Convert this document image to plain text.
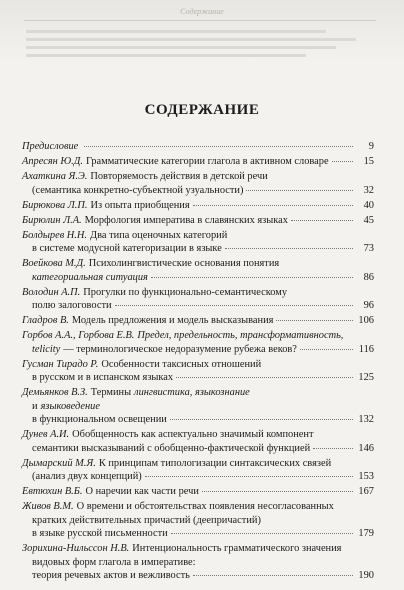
Содержание
СОДЕРЖАНИЕ
Предисловие	9
Апресян Ю.Д. Грамматические категории глагола в активном словаре	15
Ахаткина Я.Э. Повторяемость действия в детской речи
(семантика конкретно-субъектной узуальности)	32
Бирюкова Л.П. Из опыта приобщения	40
Бирюлин Л.А. Морфология императива в славянских языках	45
Болдырев Н.Н. Два типа оценочных категорий
в системе модусной категоризации в языке	73
Воейкова М.Д. Психолингвистические основания понятия
категориальная ситуация	86
Володин А.П. Прогулки по функционально-семантическому
полю залоговости	96
Гладров В. Модель предложения и модель высказывания	106
Горбов А.А., Горбова Е.В. Предел, предельность, трансформативность,
telicity — терминологическое недоразумение рубежа веков?	116
Гусман Тирадо Р. Особенности таксисных отношений
в русском и в испанском языках	125
Демьянков В.З. Термины лингвистика, языкознание
и языковедение
в функциональном освещении	132
Дунев А.И. Обобщенность как аспектуально значимый компонент
семантики высказываний с обобщенно-фактической функцией	146
Дымарский М.Я. К принципам типологизации синтаксических связей
(анализ двух концепций)	153
Евтюхин В.Б. О наречии как части речи	167
Живов В.М. О времени и обстоятельствах появления несогласованных
кратких действительных причастий (деепричастий)
в языке русской письменности	179
Зорихина-Нильссон Н.В. Интенциональность грамматического значения
видовых форм глагола в императиве:
теория речевых актов и вежливость	190
